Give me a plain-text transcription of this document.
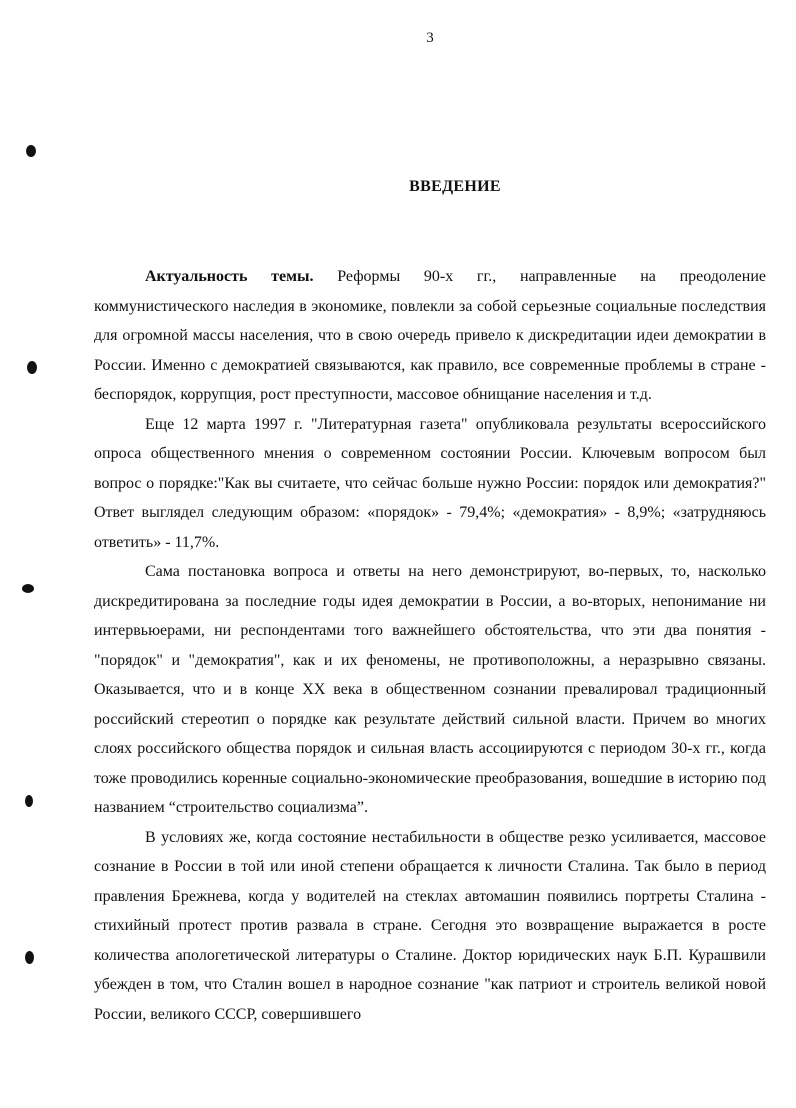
3
ВВЕДЕНИЕ

Актуальность темы. Реформы 90-х гг., направленные на преодоление коммунистического наследия в экономике, повлекли за собой серьезные социальные последствия для огромной массы населения, что в свою очередь привело к дискредитации идеи демократии в России. Именно с демократией связываются, как правило, все современные проблемы в стране - беспорядок, коррупция, рост преступности, массовое обнищание населения и т.д.

Еще 12 марта 1997 г. "Литературная газета" опубликовала результаты всероссийского опроса общественного мнения о современном состоянии России. Ключевым вопросом был вопрос о порядке:"Как вы считаете, что сейчас больше нужно России: порядок или демократия?" Ответ выглядел следующим образом: «порядок» - 79,4%; «демократия» - 8,9%; «затрудняюсь ответить» - 11,7%.

Сама постановка вопроса и ответы на него демонстрируют, во-первых, то, насколько дискредитирована за последние годы идея демократии в России, а во-вторых, непонимание ни интервьюерами, ни респондентами того важнейшего обстоятельства, что эти два понятия - "порядок" и "демократия", как и их феномены, не противоположны, а неразрывно связаны. Оказывается, что и в конце XX века в общественном сознании превалировал традиционный российский стереотип о порядке как результате действий сильной власти. Причем во многих слоях российского общества порядок и сильная власть ассоциируются с периодом 30-х гг., когда тоже проводились коренные социально-экономические преобразования, вошедшие в историю под названием “строительство социализма”.

В условиях же, когда состояние нестабильности в обществе резко усиливается, массовое сознание в России в той или иной степени обращается к личности Сталина. Так было в период правления Брежнева, когда у водителей на стеклах автомашин появились портреты Сталина - стихийный протест против развала в стране. Сегодня это возвращение выражается в росте количества апологетической литературы о Сталине. Доктор юридических наук Б.П. Курашвили убежден в том, что Сталин вошел в народное сознание "как патриот и строитель великой новой России, великого СССР, совершившего
